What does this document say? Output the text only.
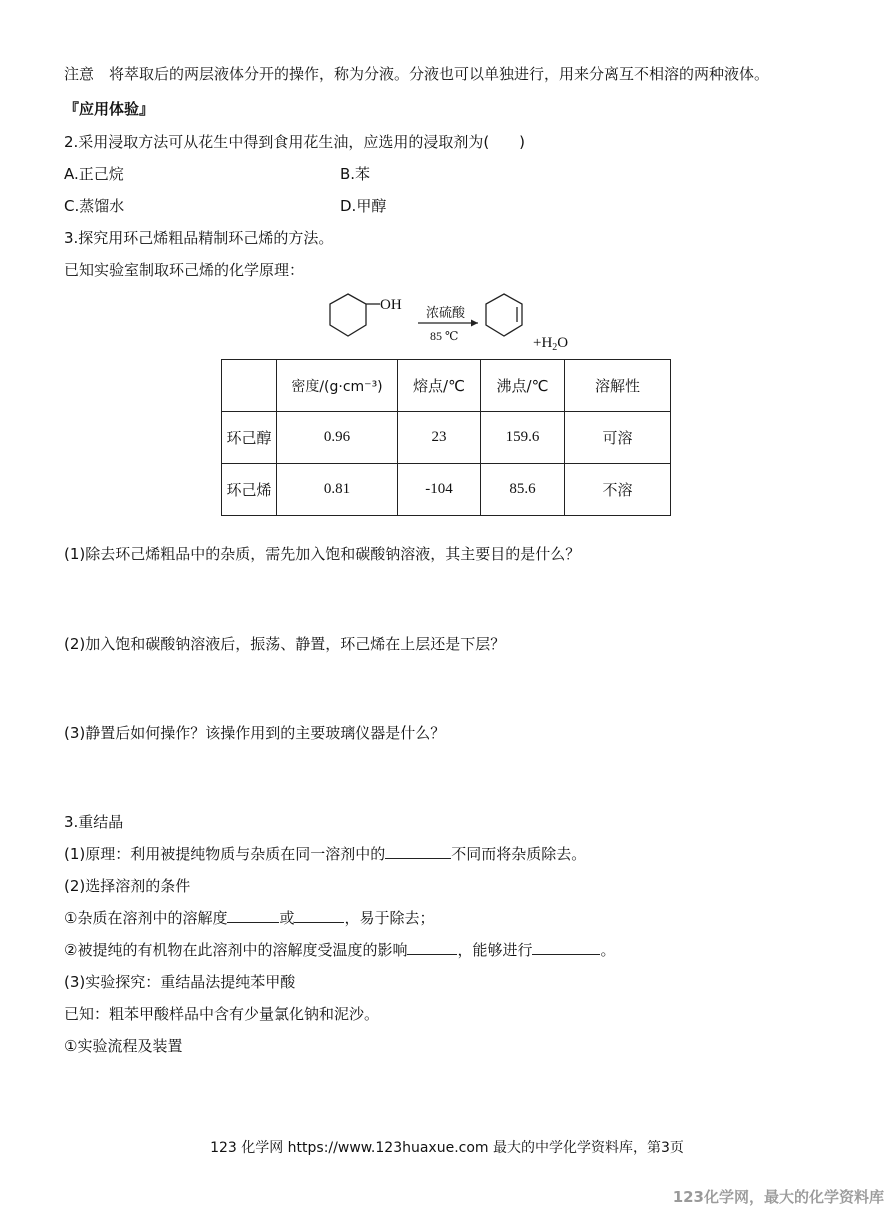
注意　将萃取后的两层液体分开的操作，称为分液。分液也可以单独进行，用来分离互不相溶的两种液体。
『应用体验』
2.采用浸取方法可从花生中得到食用花生油，应选用的浸取剂为(　　)
A.正己烷	B.苯
C.蒸馏水	D.甲醇
3.探究用环己烯粗品精制环己烯的方法。
已知实验室制取环己烯的化学原理：
OH
浓硫酸
85 ℃	$+H_2O$
	密度/(g·cm⁻³)	熔点/℃	沸点/℃	溶解性
环己醇	0.96	23	159.6	可溶
环己烯	0.81	-104	85.6	不溶
(1)除去环己烯粗品中的杂质，需先加入饱和碳酸钠溶液，其主要目的是什么？
(2)加入饱和碳酸钠溶液后，振荡、静置，环己烯在上层还是下层？
(3)静置后如何操作？该操作用到的主要玻璃仪器是什么？
3.重结晶
(1)原理：利用被提纯物质与杂质在同一溶剂中的	不同而将杂质除去。
(2)选择溶剂的条件
①杂质在溶剂中的溶解度	或	，易于除去；
②被提纯的有机物在此溶剂中的溶解度受温度的影响	，能够进行	。
(3)实验探究：重结晶法提纯苯甲酸
已知：粗苯甲酸样品中含有少量氯化钠和泥沙。
①实验流程及装置
123 化学网 https://www.123huaxue.com 最大的中学化学资料库，第3页
123化学网，最大的化学资料库
